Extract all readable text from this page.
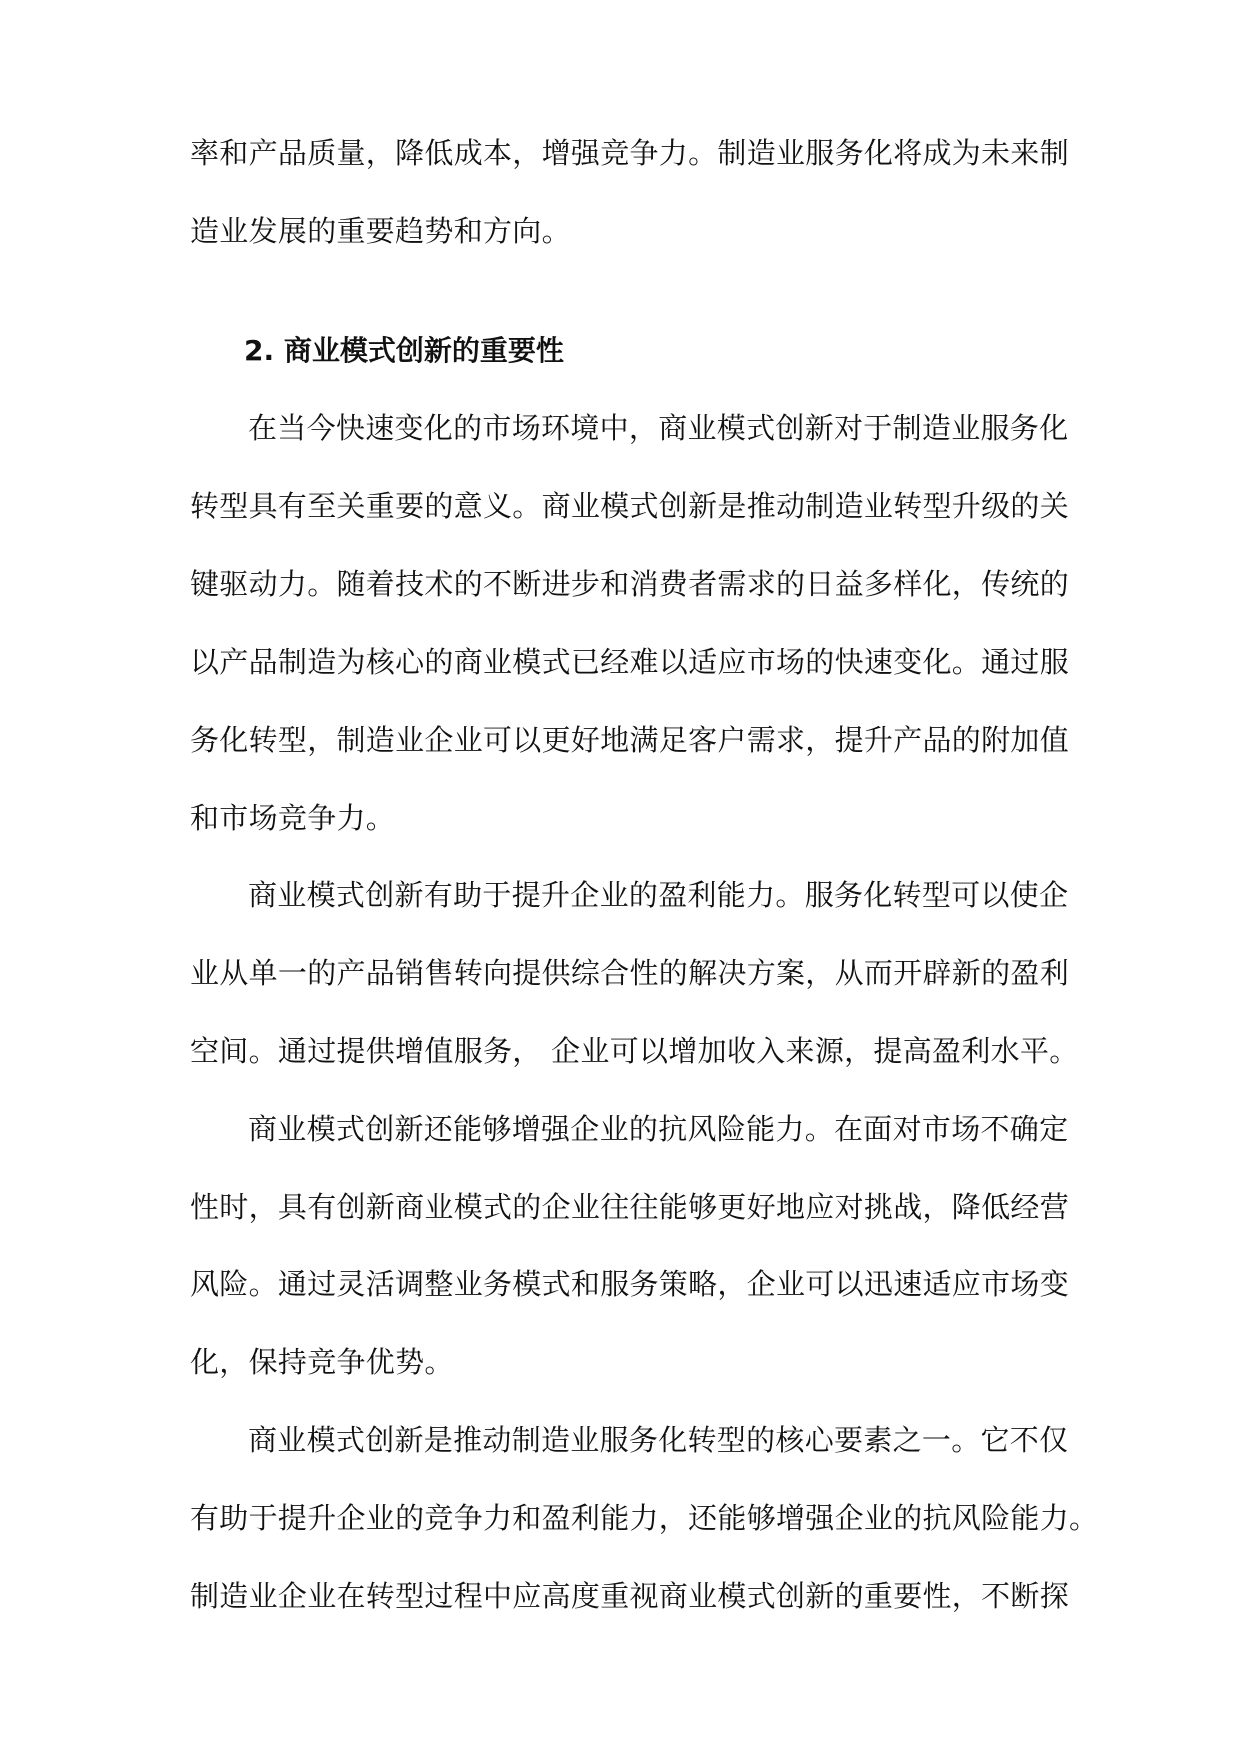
率和产品质量，降低成本，增强竞争力。制造业服务化将成为未来制
造业发展的重要趋势和方向。
2. 商业模式创新的重要性
在当今快速变化的市场环境中，商业模式创新对于制造业服务化
转型具有至关重要的意义。商业模式创新是推动制造业转型升级的关
键驱动力。随着技术的不断进步和消费者需求的日益多样化，传统的
以产品制造为核心的商业模式已经难以适应市场的快速变化。通过服
务化转型，制造业企业可以更好地满足客户需求，提升产品的附加值
和市场竞争力。
商业模式创新有助于提升企业的盈利能力。服务化转型可以使企
业从单一的产品销售转向提供综合性的解决方案，从而开辟新的盈利
空间。通过提供增值服务， 企业可以增加收入来源，提高盈利水平。
商业模式创新还能够增强企业的抗风险能力。在面对市场不确定
性时，具有创新商业模式的企业往往能够更好地应对挑战，降低经营
风险。通过灵活调整业务模式和服务策略，企业可以迅速适应市场变
化，保持竞争优势。
商业模式创新是推动制造业服务化转型的核心要素之一。它不仅
有助于提升企业的竞争力和盈利能力，还能够增强企业的抗风险能力。
制造业企业在转型过程中应高度重视商业模式创新的重要性，不断探
